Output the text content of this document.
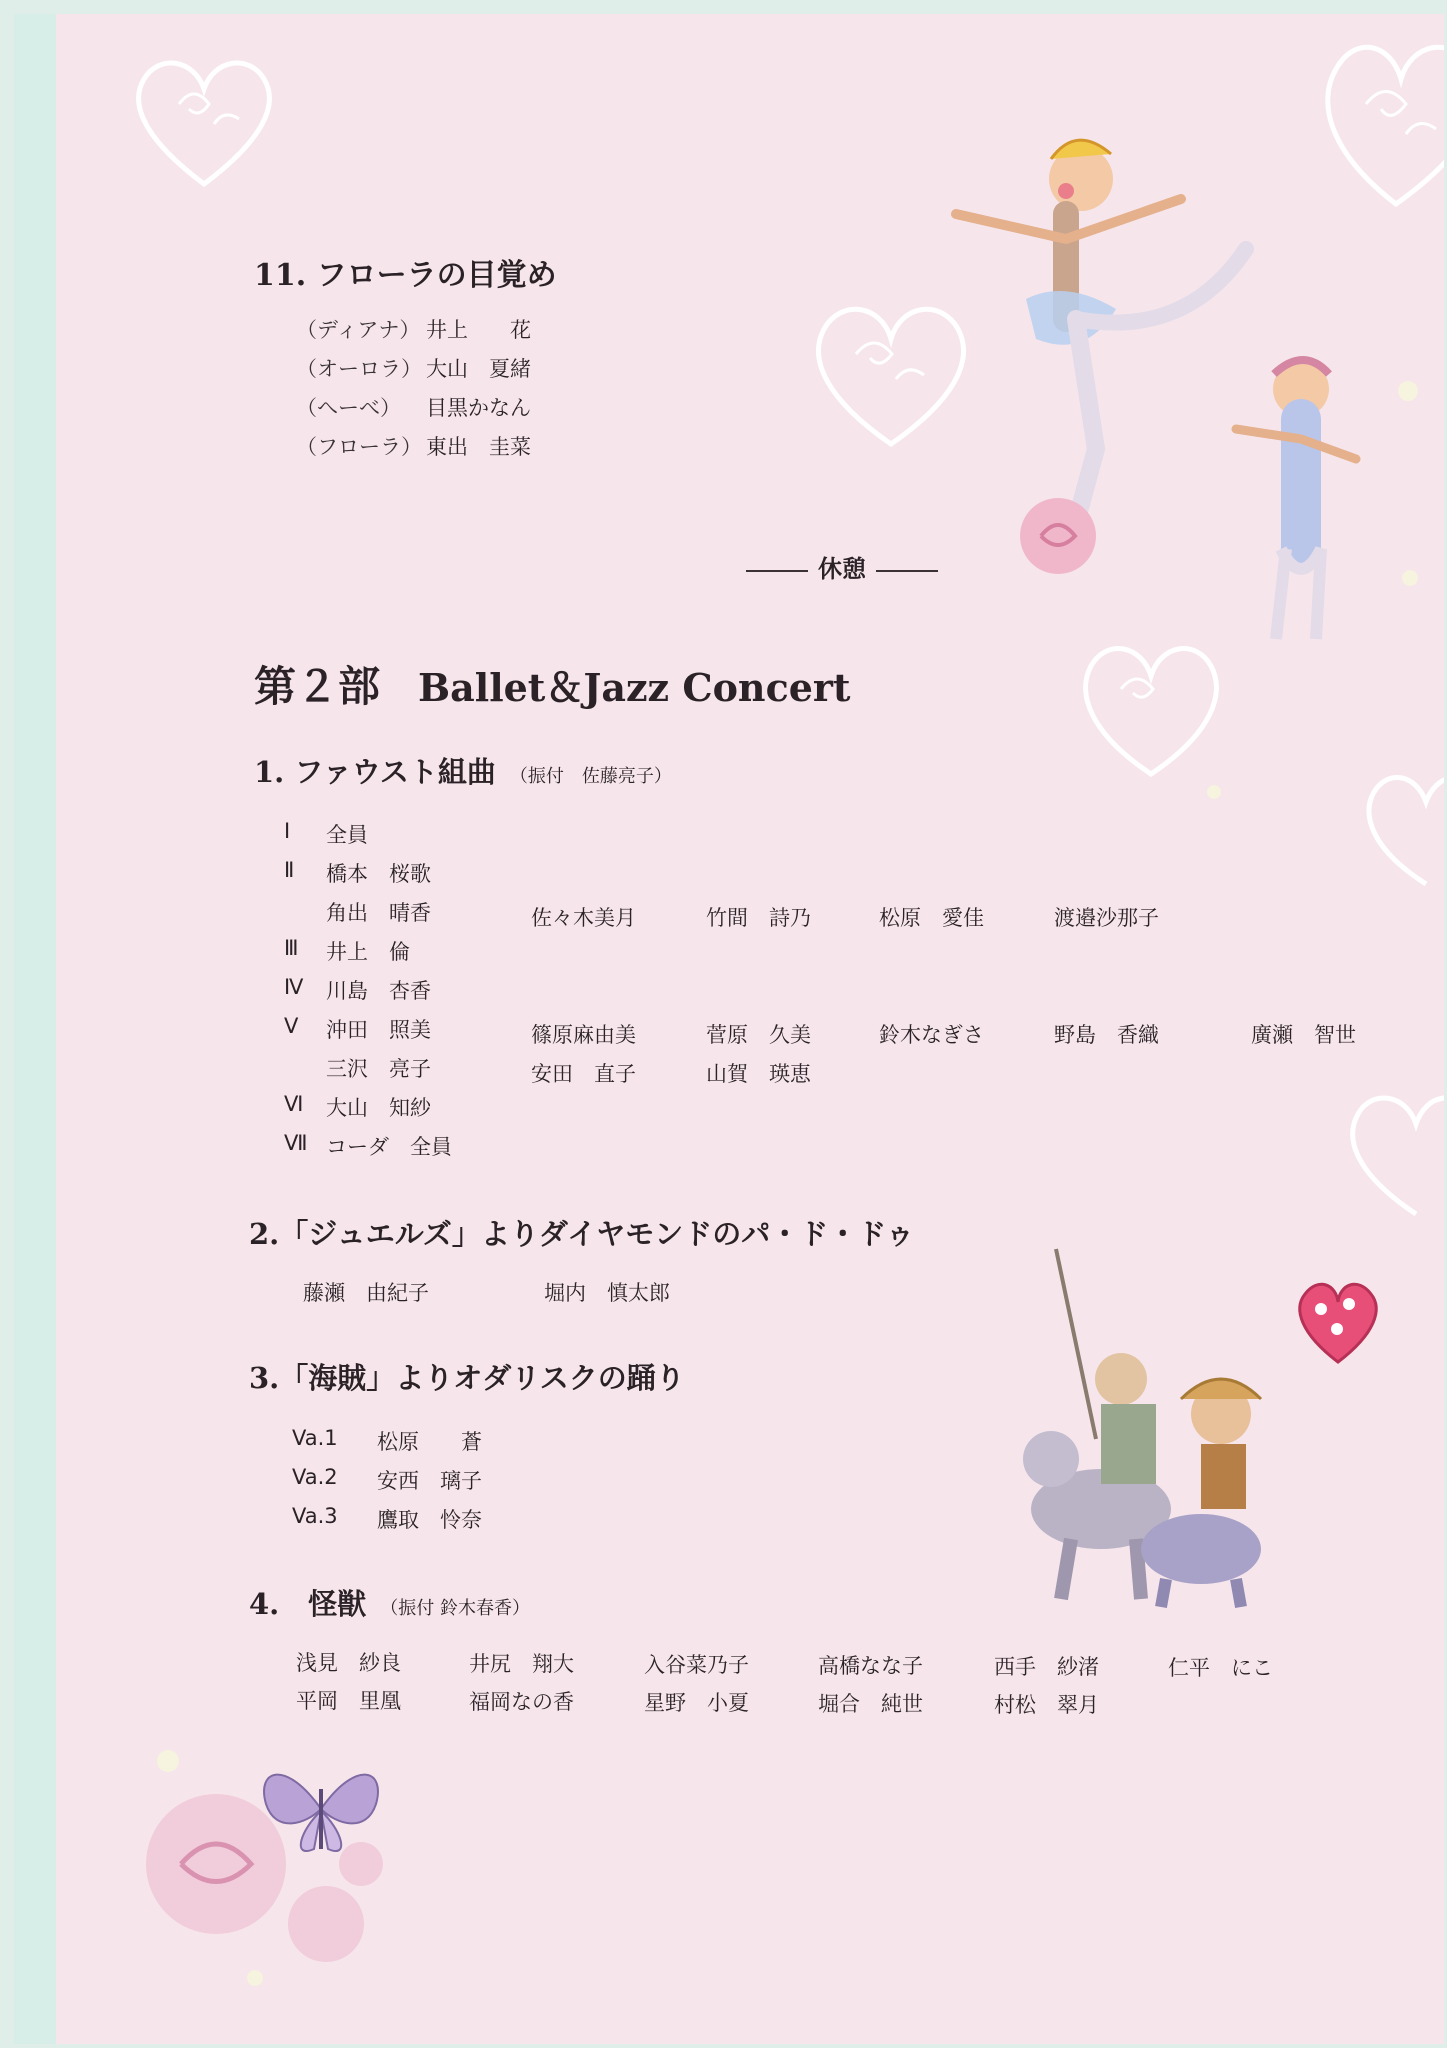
11. フローラの目覚め
（ディアナ） 井上　　花
（オーロラ） 大山　夏緒
（へーべ） 目黒かなん
（フローラ） 東出　圭菜
休憩
第２部 Ballet＆Jazz Concert
1. ファウスト組曲 （振付　佐藤亮子）
Ⅰ 全員
Ⅱ 橋本　桜歌
角出　晴香	佐々木美月	竹間　詩乃	松原　愛佳	渡邉沙那子
Ⅲ 井上　倫
Ⅳ 川島　杏香
Ⅴ 沖田　照美	篠原麻由美	菅原　久美	鈴木なぎさ	野島　香織	廣瀬　智世
三沢　亮子	安田　直子	山賀　瑛恵
Ⅵ 大山　知紗
Ⅶ コーダ　全員
2.「ジュエルズ」よりダイヤモンドのパ・ド・ドゥ
藤瀬　由紀子	堀内　慎太郎
3.「海賊」よりオダリスクの踊り
Va.1 松原　　蒼
Va.2 安西　璃子
Va.3 鷹取　怜奈
4.　怪獣 （振付 鈴木春香）
浅見　紗良	井尻　翔大	入谷菜乃子	高橋なな子	西手　紗渚	仁平　にこ
平岡　里凰	福岡なの香	星野　小夏	堀合　純世	村松　翠月
